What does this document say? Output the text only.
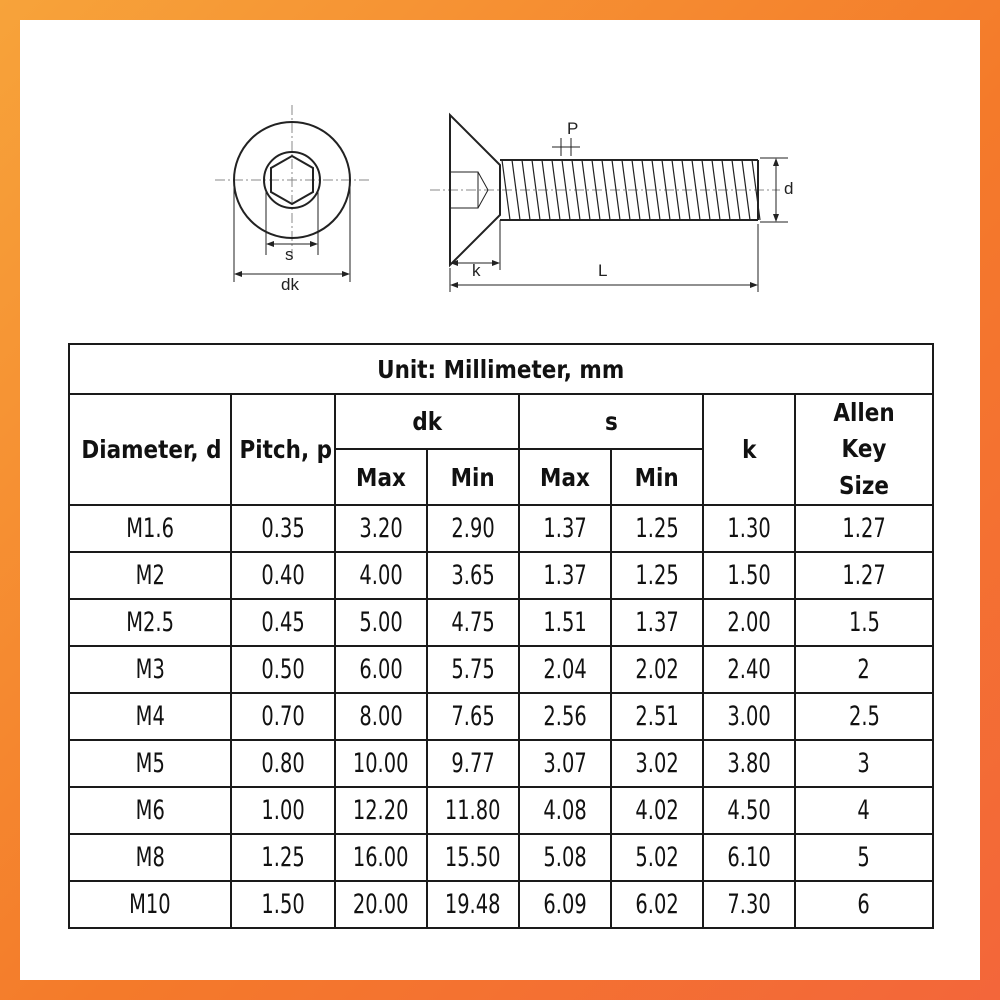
s
dk
P
d
k	L
Unit: Millimeter, mm							
Diameter, d	Pitch, p	dk		s		k	Allen Key Size
		Max	Min	Max	Min		
M1.6	0.35	3.20	2.90	1.37	1.25	1.30	1.27
M2	0.40	4.00	3.65	1.37	1.25	1.50	1.27
M2.5	0.45	5.00	4.75	1.51	1.37	2.00	1.5
M3	0.50	6.00	5.75	2.04	2.02	2.40	2
M4	0.70	8.00	7.65	2.56	2.51	3.00	2.5
M5	0.80	10.00	9.77	3.07	3.02	3.80	3
M6	1.00	12.20	11.80	4.08	4.02	4.50	4
M8	1.25	16.00	15.50	5.08	5.02	6.10	5
M10	1.50	20.00	19.48	6.09	6.02	7.30	6
